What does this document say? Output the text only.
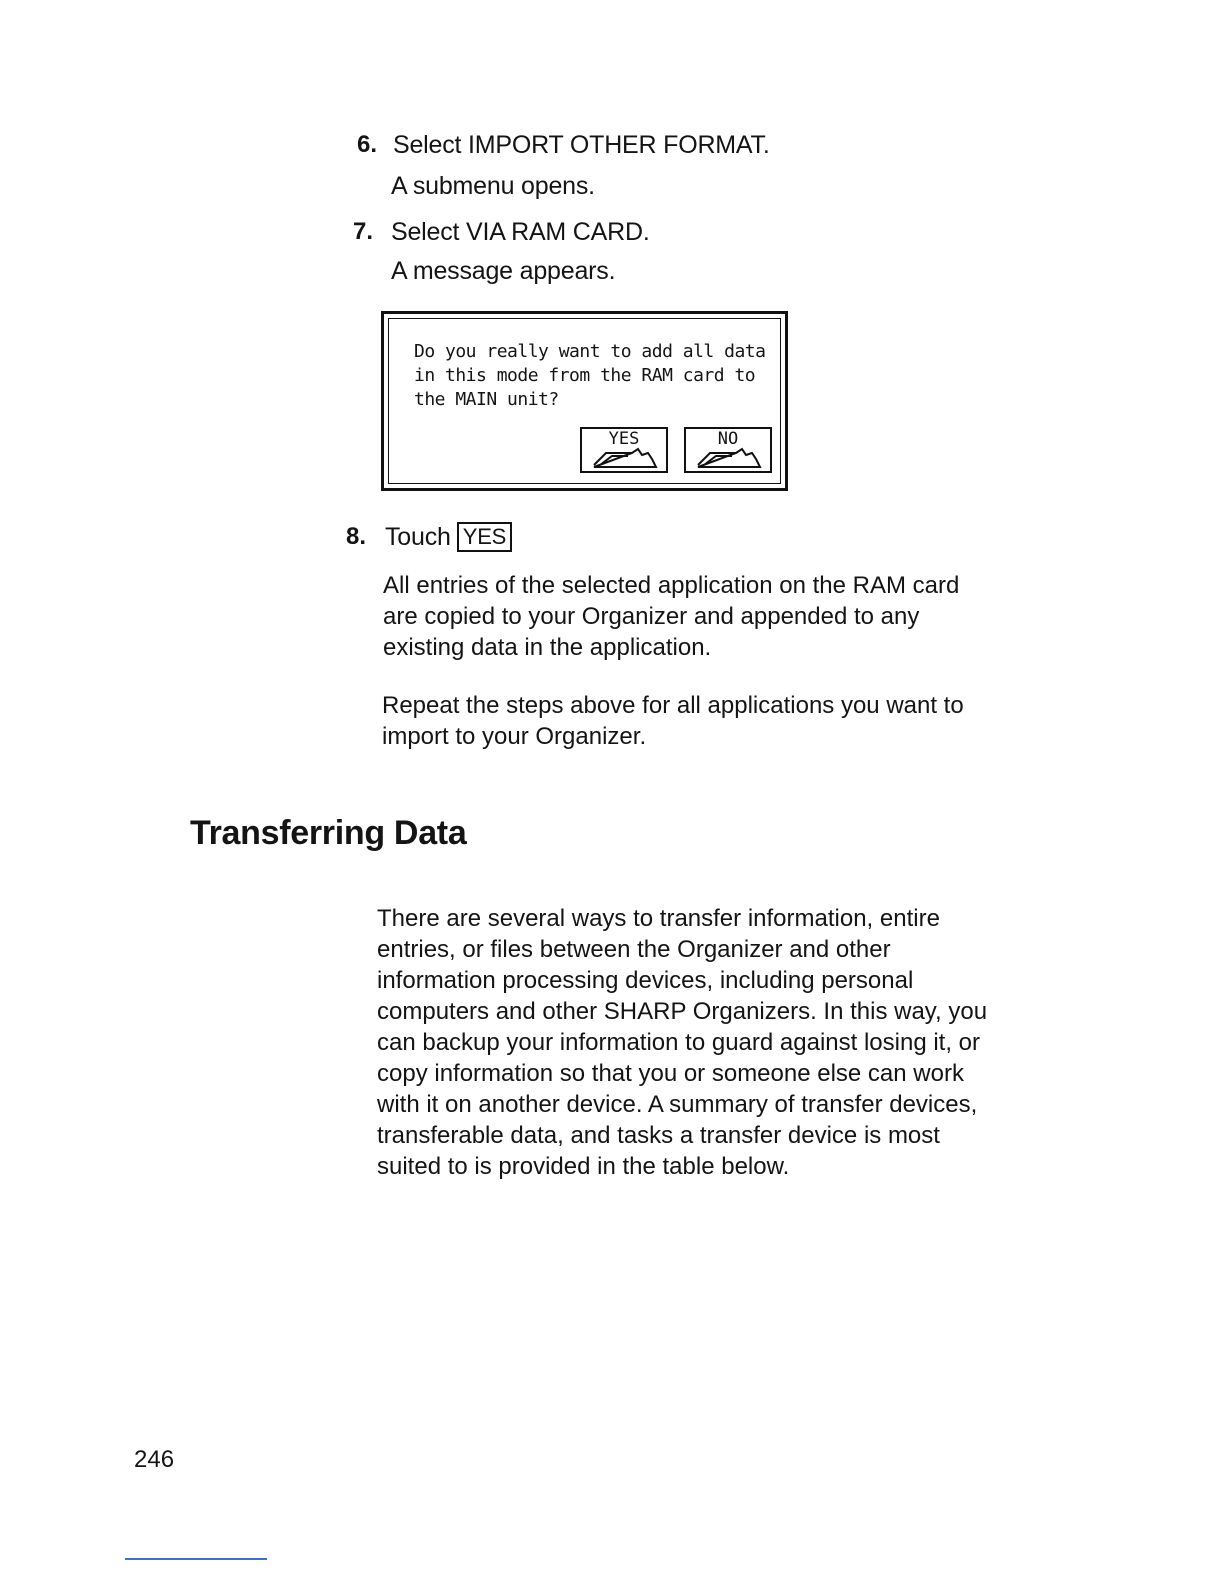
6. Select IMPORT OTHER FORMAT.
A submenu opens.
7. Select VIA RAM CARD.
A message appears.
Do you really want to add all data
in this mode from the RAM card to
the MAIN unit?
YES	NO
8. Touch YES
All entries of the selected application on the RAM card
are copied to your Organizer and appended to any
existing data in the application.
Repeat the steps above for all applications you want to
import to your Organizer.
Transferring Data
There are several ways to transfer information, entire
entries, or files between the Organizer and other
information processing devices, including personal
computers and other SHARP Organizers. In this way, you
can backup your information to guard against losing it, or
copy information so that you or someone else can work
with it on another device. A summary of transfer devices,
transferable data, and tasks a transfer device is most
suited to is provided in the table below.
246
